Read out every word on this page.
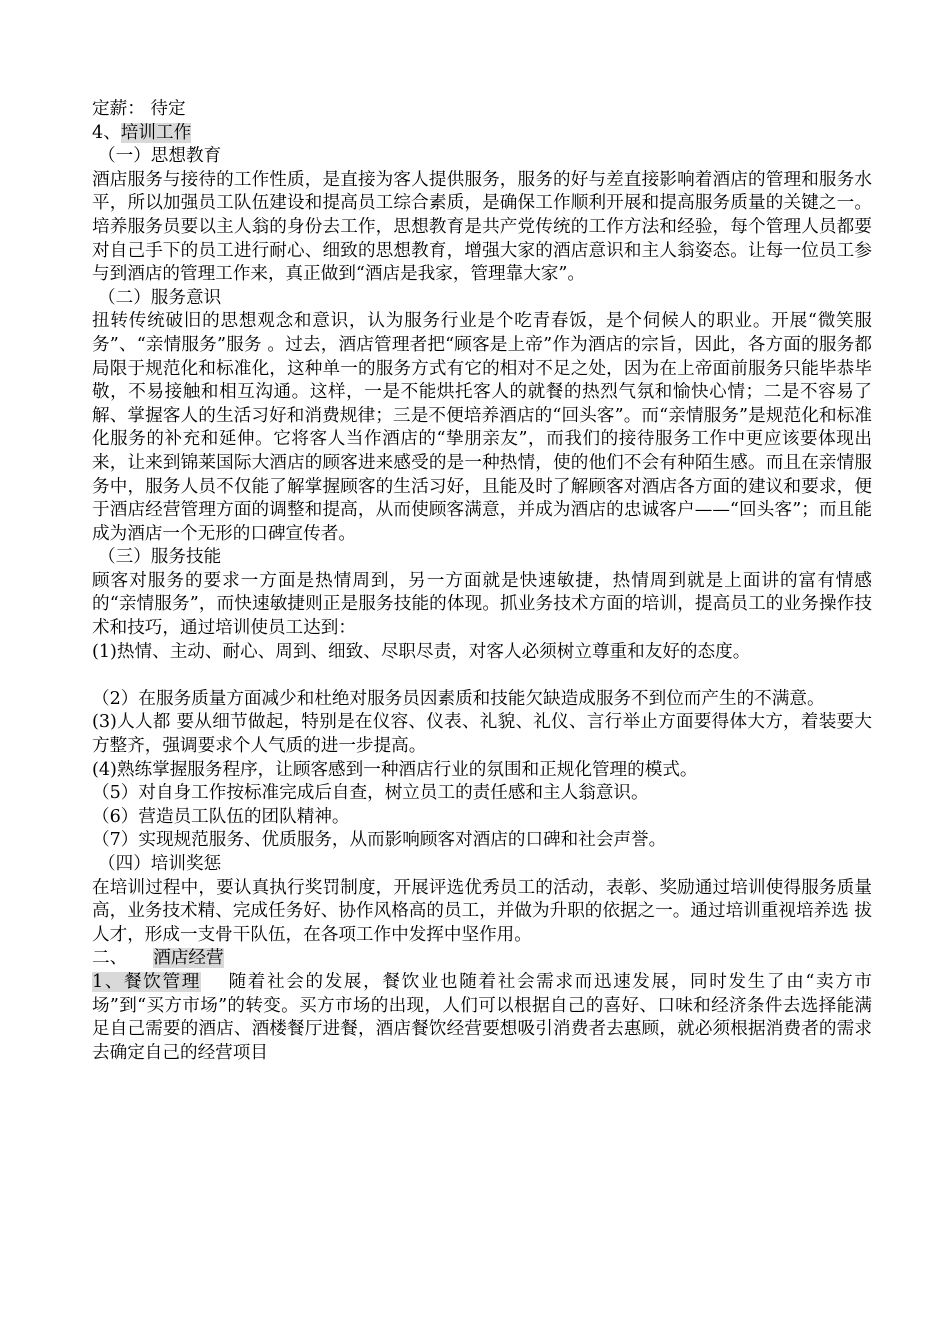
定薪： 待定

4、培训工作

（一）思想教育

酒店服务与接待的工作性质，是直接为客人提供服务，服务的好与差直接影响着酒店的管理和服务水平，所以加强员工队伍建设和提高员工综合素质，是确保工作顺利开展和提高服务质量的关键之一。培养服务员要以主人翁的身份去工作，思想教育是共产党传统的工作方法和经验，每个管理人员都要对自己手下的员工进行耐心、细致的思想教育，增强大家的酒店意识和主人翁姿态。让每一位员工参与到酒店的管理工作来，真正做到“酒店是我家，管理靠大家”。

（二）服务意识

扭转传统破旧的思想观念和意识，认为服务行业是个吃青春饭，是个伺候人的职业。开展“微笑服务”、“亲情服务”服务 。过去，酒店管理者把“顾客是上帝”作为酒店的宗旨，因此，各方面的服务都局限于规范化和标准化，这种单一的服务方式有它的相对不足之处，因为在上帝面前服务只能毕恭毕敬，不易接触和相互沟通。这样，一是不能烘托客人的就餐的热烈气氛和愉快心情；二是不容易了解、掌握客人的生活习好和消费规律；三是不便培养酒店的“回头客”。而“亲情服务”是规范化和标准化服务的补充和延伸。它将客人当作酒店的“挚朋亲友”，而我们的接待服务工作中更应该要体现出来，让来到锦莱国际大酒店的顾客进来感受的是一种热情，使的他们不会有种陌生感。而且在亲情服务中，服务人员不仅能了解掌握顾客的生活习好，且能及时了解顾客对酒店各方面的建议和要求，便于酒店经营管理方面的调整和提高，从而使顾客满意，并成为酒店的忠诚客户——“回头客”；而且能成为酒店一个无形的口碑宣传者。

（三）服务技能

顾客对服务的要求一方面是热情周到，另一方面就是快速敏捷，热情周到就是上面讲的富有情感的“亲情服务”，而快速敏捷则正是服务技能的体现。抓业务技术方面的培训，提高员工的业务操作技术和技巧，通过培训使员工达到：

(1)热情、主动、耐心、周到、细致、尽职尽责，对客人必须树立尊重和友好的态度。

（2）在服务质量方面减少和杜绝对服务员因素质和技能欠缺造成服务不到位而产生的不满意。

(3)人人都 要从细节做起，特别是在仪容、仪表、礼貌、礼仪、言行举止方面要得体大方，着装要大方整齐，强调要求个人气质的进一步提高。

(4)熟练掌握服务程序，让顾客感到一种酒店行业的氛围和正规化管理的模式。

（5）对自身工作按标准完成后自查，树立员工的责任感和主人翁意识。

（6）营造员工队伍的团队精神。

（7）实现规范服务、优质服务，从而影响顾客对酒店的口碑和社会声誉。

（四）培训奖惩

在培训过程中，要认真执行奖罚制度，开展评选优秀员工的活动，表彰、奖励通过培训使得服务质量高，业务技术精、完成任务好、协作风格高的员工，并做为升职的依据之一。通过培训重视培养选 拔人才，形成一支骨干队伍，在各项工作中发挥中坚作用。

二、 酒店经营

1、餐饮管理 随着社会的发展，餐饮业也随着社会需求而迅速发展，同时发生了由“卖方市场”到“买方市场”的转变。买方市场的出现，人们可以根据自己的喜好、口味和经济条件去选择能满足自己需要的酒店、酒楼餐厅进餐，酒店餐饮经营要想吸引消费者去惠顾，就必须根据消费者的需求去确定自己的经营项目
